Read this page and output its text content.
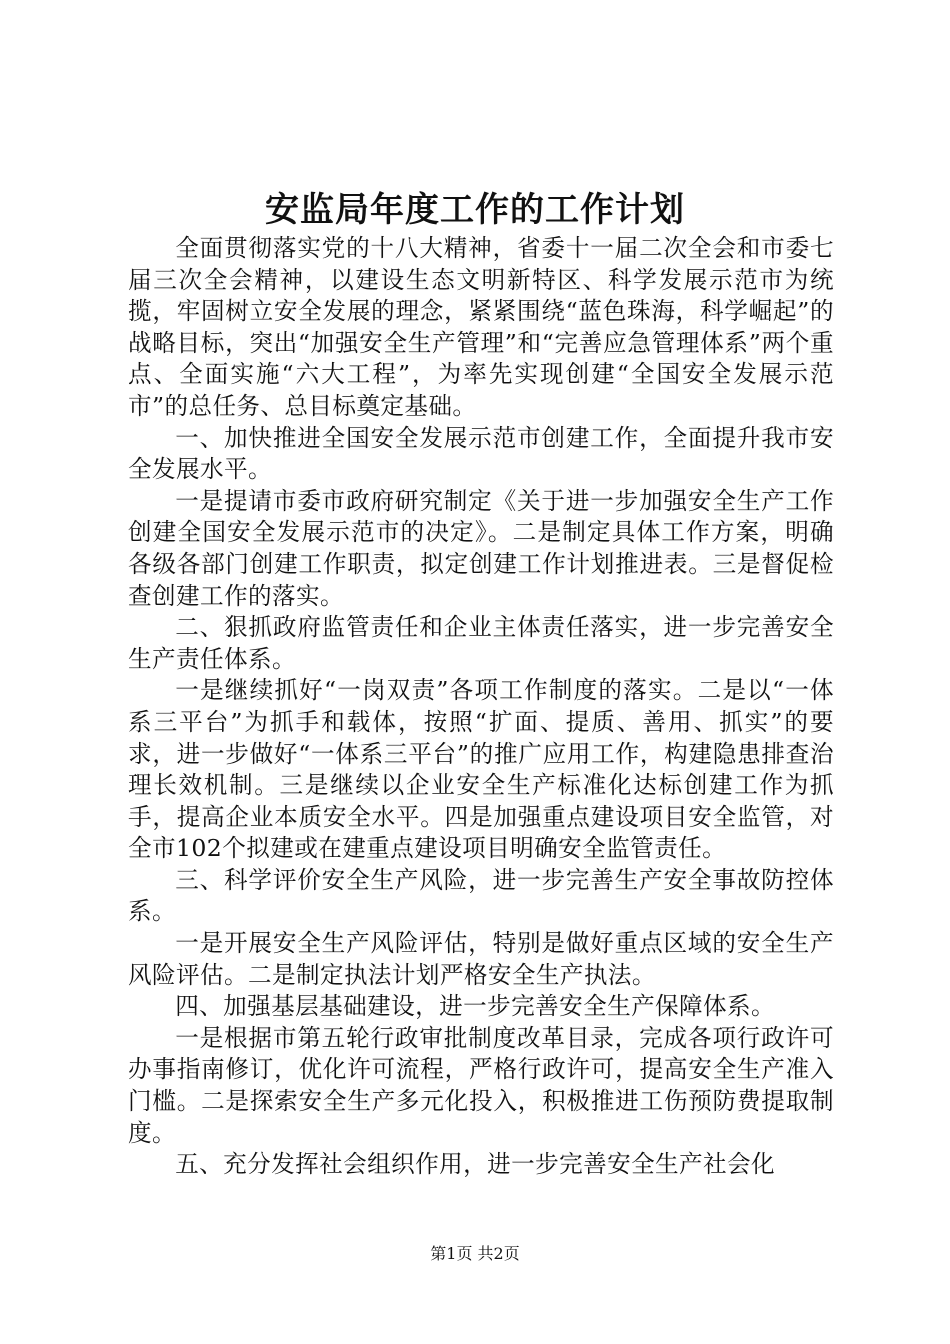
安监局年度工作的工作计划

全面贯彻落实党的十八大精神，省委十一届二次全会和市委七届三次全会精神，以建设生态文明新特区、科学发展示范市为统揽，牢固树立安全发展的理念，紧紧围绕“蓝色珠海，科学崛起”的战略目标，突出“加强安全生产管理”和“完善应急管理体系”两个重点、全面实施“六大工程”，为率先实现创建“全国安全发展示范市”的总任务、总目标奠定基础。

一、加快推进全国安全发展示范市创建工作，全面提升我市安全发展水平。

一是提请市委市政府研究制定《关于进一步加强安全生产工作创建全国安全发展示范市的决定》。二是制定具体工作方案，明确各级各部门创建工作职责，拟定创建工作计划推进表。三是督促检查创建工作的落实。

二、狠抓政府监管责任和企业主体责任落实，进一步完善安全生产责任体系。

一是继续抓好“一岗双责”各项工作制度的落实。二是以“一体系三平台”为抓手和载体，按照“扩面、提质、善用、抓实”的要求，进一步做好“一体系三平台”的推广应用工作，构建隐患排查治理长效机制。三是继续以企业安全生产标准化达标创建工作为抓手，提高企业本质安全水平。四是加强重点建设项目安全监管，对全市102个拟建或在建重点建设项目明确安全监管责任。

三、科学评价安全生产风险，进一步完善生产安全事故防控体系。

一是开展安全生产风险评估，特别是做好重点区域的安全生产风险评估。二是制定执法计划严格安全生产执法。

四、加强基层基础建设，进一步完善安全生产保障体系。

一是根据市第五轮行政审批制度改革目录，完成各项行政许可办事指南修订，优化许可流程，严格行政许可，提高安全生产准入门槛。二是探索安全生产多元化投入，积极推进工伤预防费提取制度。

五、充分发挥社会组织作用，进一步完善安全生产社会化

第1页 共2页
